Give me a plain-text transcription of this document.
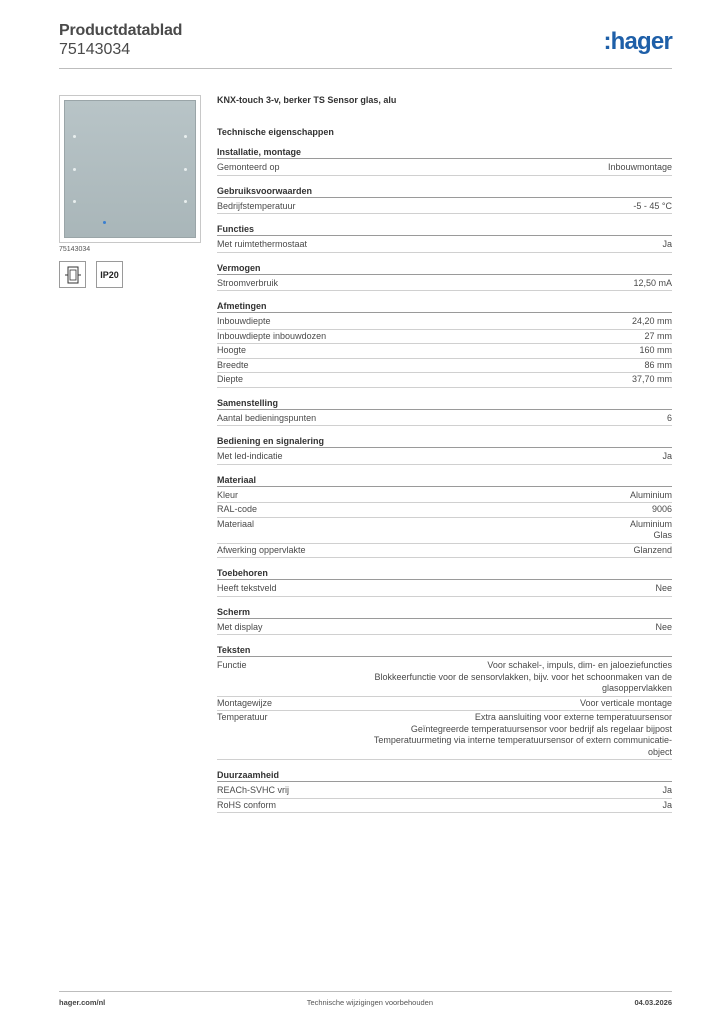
Productdatablad
75143034	:hager
75143034
IP20
KNX-touch 3-v, berker TS Sensor glas, alu
Technische eigenschappen
Installatie, montage
Gemonteerd op	Inbouwmontage
Gebruiksvoorwaarden
Bedrijfstemperatuur	-5 - 45 °C
Functies
Met ruimtethermostaat	Ja
Vermogen
Stroomverbruik	12,50 mA
Afmetingen
Inbouwdiepte	24,20 mm
Inbouwdiepte inbouwdozen	27 mm
Hoogte	160 mm
Breedte	86 mm
Diepte	37,70 mm
Samenstelling
Aantal bedieningspunten	6
Bediening en signalering
Met led-indicatie	Ja
Materiaal
Kleur	Aluminium
RAL-code	9006
Materiaal	Aluminium
Glas
Afwerking oppervlakte	Glanzend
Toebehoren
Heeft tekstveld	Nee
Scherm
Met display	Nee
Teksten
Functie	Voor schakel-, impuls, dim- en jaloeziefuncties
Blokkeerfunctie voor de sensorvlakken, bijv. voor het schoonmaken van de
glasoppervlakken
Montagewijze	Voor verticale montage
Temperatuur	Extra aansluiting voor externe temperatuursensor
Geïntegreerde temperatuursensor voor bedrijf als regelaar bijpost
Temperatuurmeting via interne temperatuursensor of extern communicatie-
object
Duurzaamheid
REACh-SVHC vrij	Ja
RoHS conform	Ja
hager.com/nl	Technische wijzigingen voorbehouden	04.03.2026
